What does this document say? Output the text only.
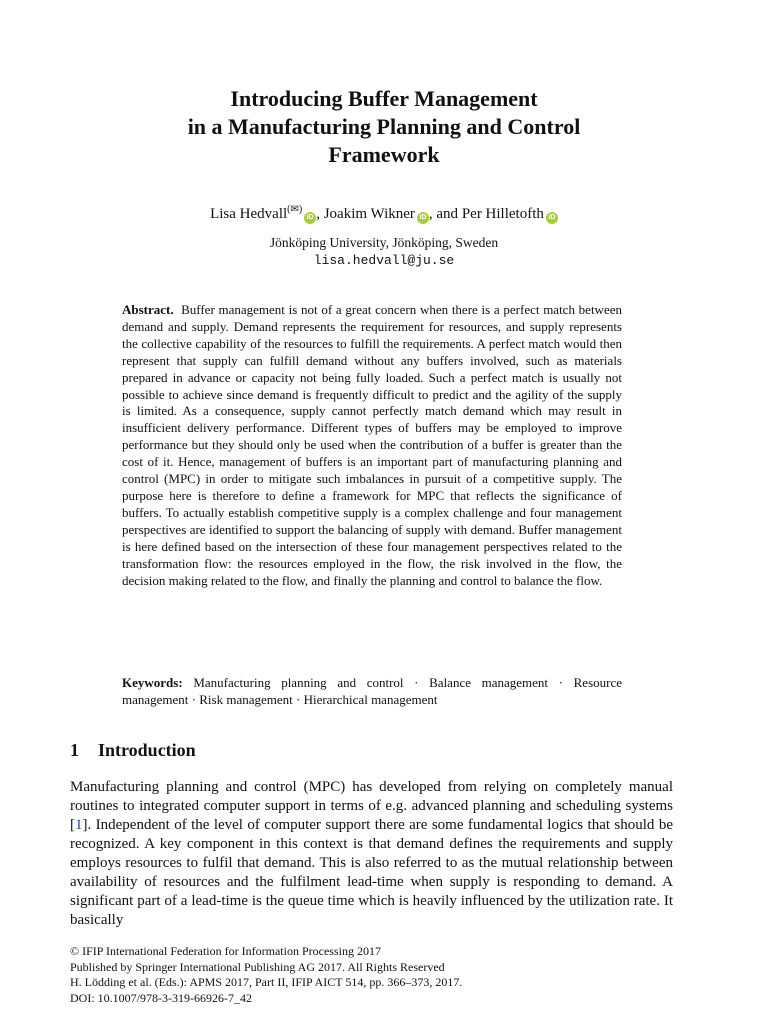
Introducing Buffer Management
in a Manufacturing Planning and Control
Framework
Lisa Hedvall(✉)iD , Joakim Wikner iD , and Per Hilletofth iD
Jönköping University, Jönköping, Sweden
lisa.hedvall@ju.se

Abstract. Buffer management is not of a great concern when there is a perfect match between demand and supply. Demand represents the requirement for resources, and supply represents the collective capability of the resources to fulfill the requirements. A perfect match would then represent that supply can fulfill demand without any buffers involved, such as materials prepared in advance or capacity not being fully loaded. Such a perfect match is usually not possible to achieve since demand is frequently difficult to predict and the agility of the supply is limited. As a consequence, supply cannot perfectly match demand which may result in insufficient delivery performance. Different types of buffers may be employed to improve performance but they should only be used when the contribution of a buffer is greater than the cost of it. Hence, management of buffers is an important part of manufacturing planning and control (MPC) in order to mitigate such imbalances in pursuit of a competitive supply. The purpose here is therefore to define a framework for MPC that reflects the significance of buffers. To actually establish competitive supply is a complex challenge and four management perspectives are identified to support the balancing of supply with demand. Buffer management is here defined based on the intersection of these four management perspectives related to the transformation flow: the resources employed in the flow, the risk involved in the flow, the decision making related to the flow, and finally the planning and control to balance the flow.

Keywords: Manufacturing planning and control · Balance management · Resource management · Risk management · Hierarchical management

1 Introduction

Manufacturing planning and control (MPC) has developed from relying on completely manual routines to integrated computer support in terms of e.g. advanced planning and scheduling systems [1]. Independent of the level of computer support there are some fundamental logics that should be recognized. A key component in this context is that demand defines the requirements and supply employs resources to fulfil that demand. This is also referred to as the mutual relationship between availability of resources and the fulfilment lead-time when supply is responding to demand. A significant part of a lead-time is the queue time which is heavily influenced by the utilization rate. It basically

© IFIP International Federation for Information Processing 2017
Published by Springer International Publishing AG 2017. All Rights Reserved
H. Lödding et al. (Eds.): APMS 2017, Part II, IFIP AICT 514, pp. 366–373, 2017.
DOI: 10.1007/978-3-319-66926-7_42
